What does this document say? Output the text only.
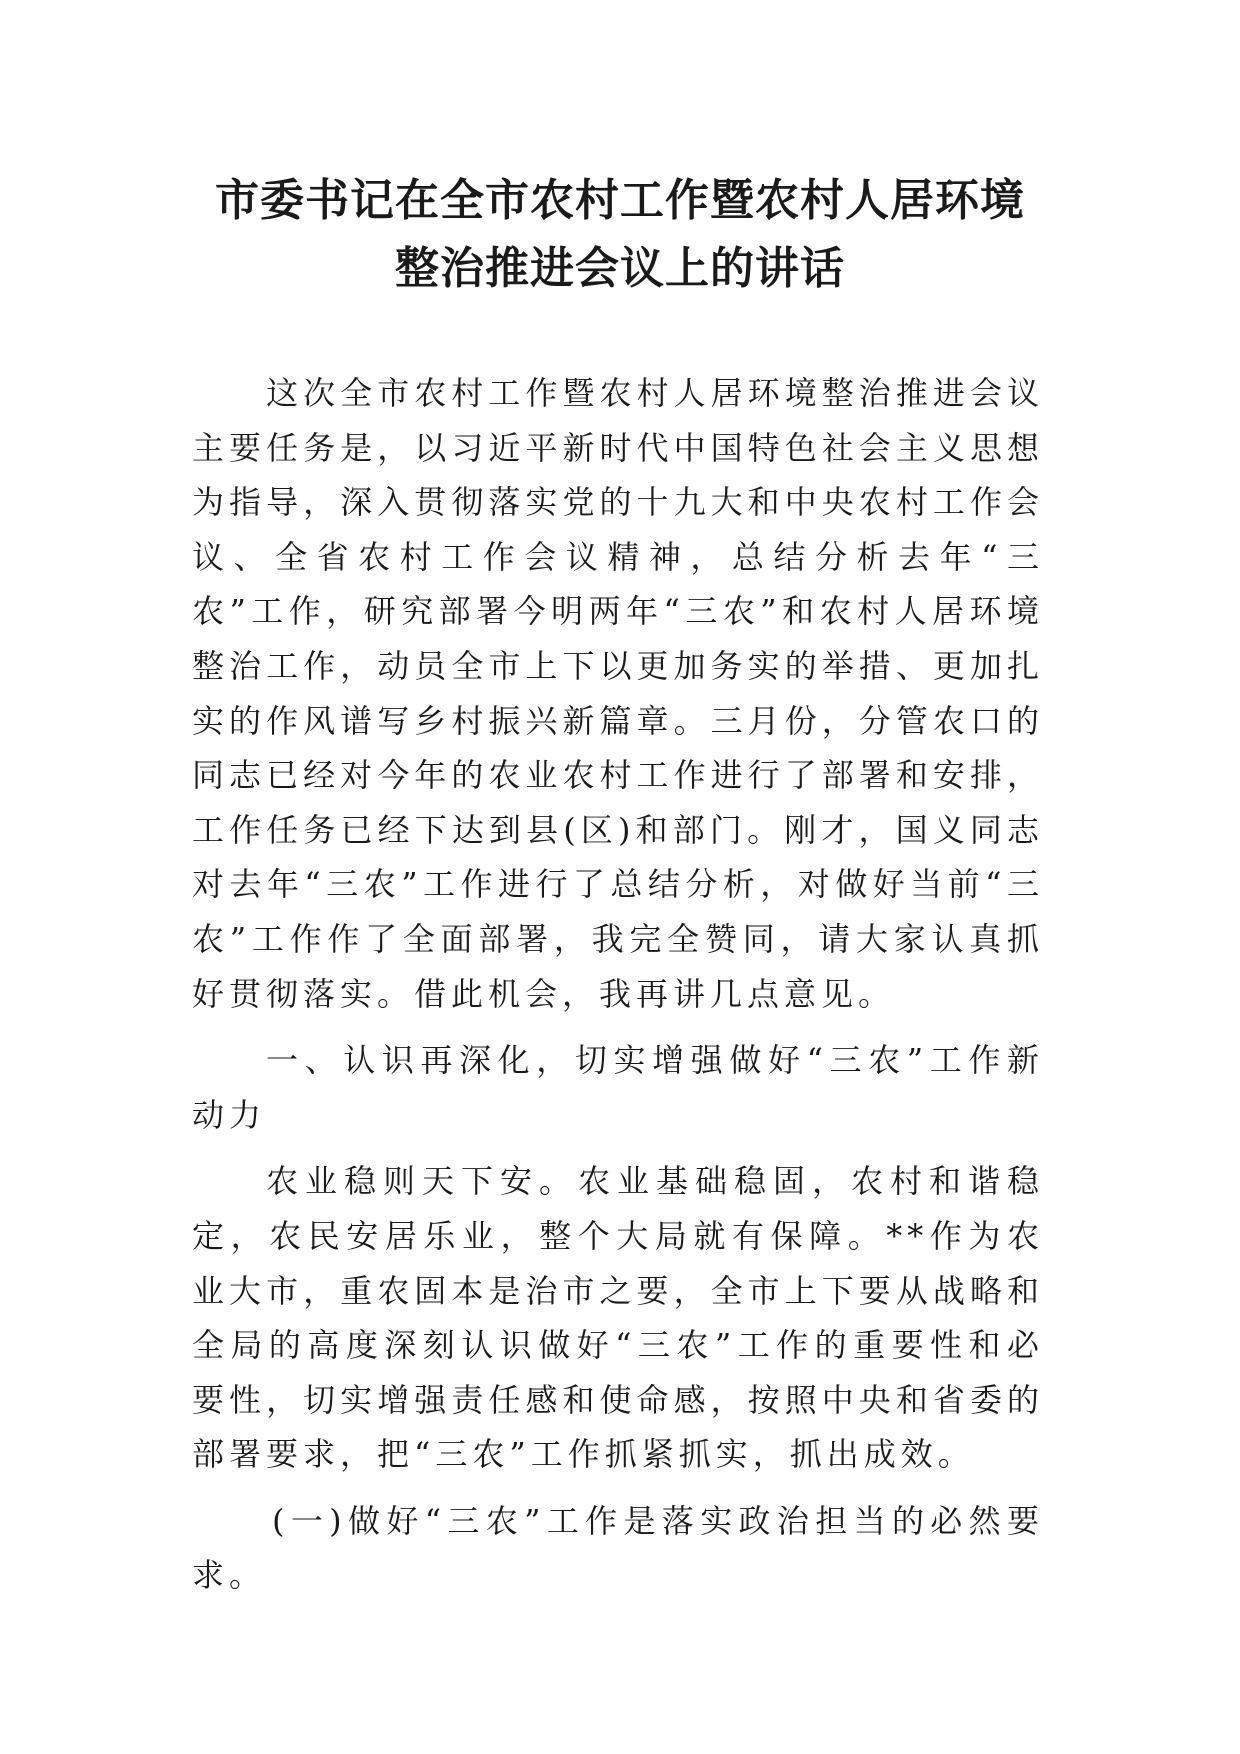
市委书记在全市农村工作暨农村人居环境
整治推进会议上的讲话

这次全市农村工作暨农村人居环境整治推进会议主要任务是，以习近平新时代中国特色社会主义思想为指导，深入贯彻落实党的十九大和中央农村工作会议、全省农村工作会议精神，总结分析去年“三农”工作，研究部署今明两年“三农”和农村人居环境整治工作，动员全市上下以更加务实的举措、更加扎实的作风谱写乡村振兴新篇章。三月份，分管农口的同志已经对今年的农业农村工作进行了部署和安排，工作任务已经下达到县(区)和部门。刚才，国义同志对去年“三农”工作进行了总结分析，对做好当前“三农”工作作了全面部署，我完全赞同，请大家认真抓好贯彻落实。借此机会，我再讲几点意见。

一、认识再深化，切实增强做好“三农”工作新动力

农业稳则天下安。农业基础稳固，农村和谐稳定，农民安居乐业，整个大局就有保障。**作为农业大市，重农固本是治市之要，全市上下要从战略和全局的高度深刻认识做好“三农”工作的重要性和必要性，切实增强责任感和使命感，按照中央和省委的部署要求，把“三农”工作抓紧抓实，抓出成效。

(一)做好“三农”工作是落实政治担当的必然要求。
